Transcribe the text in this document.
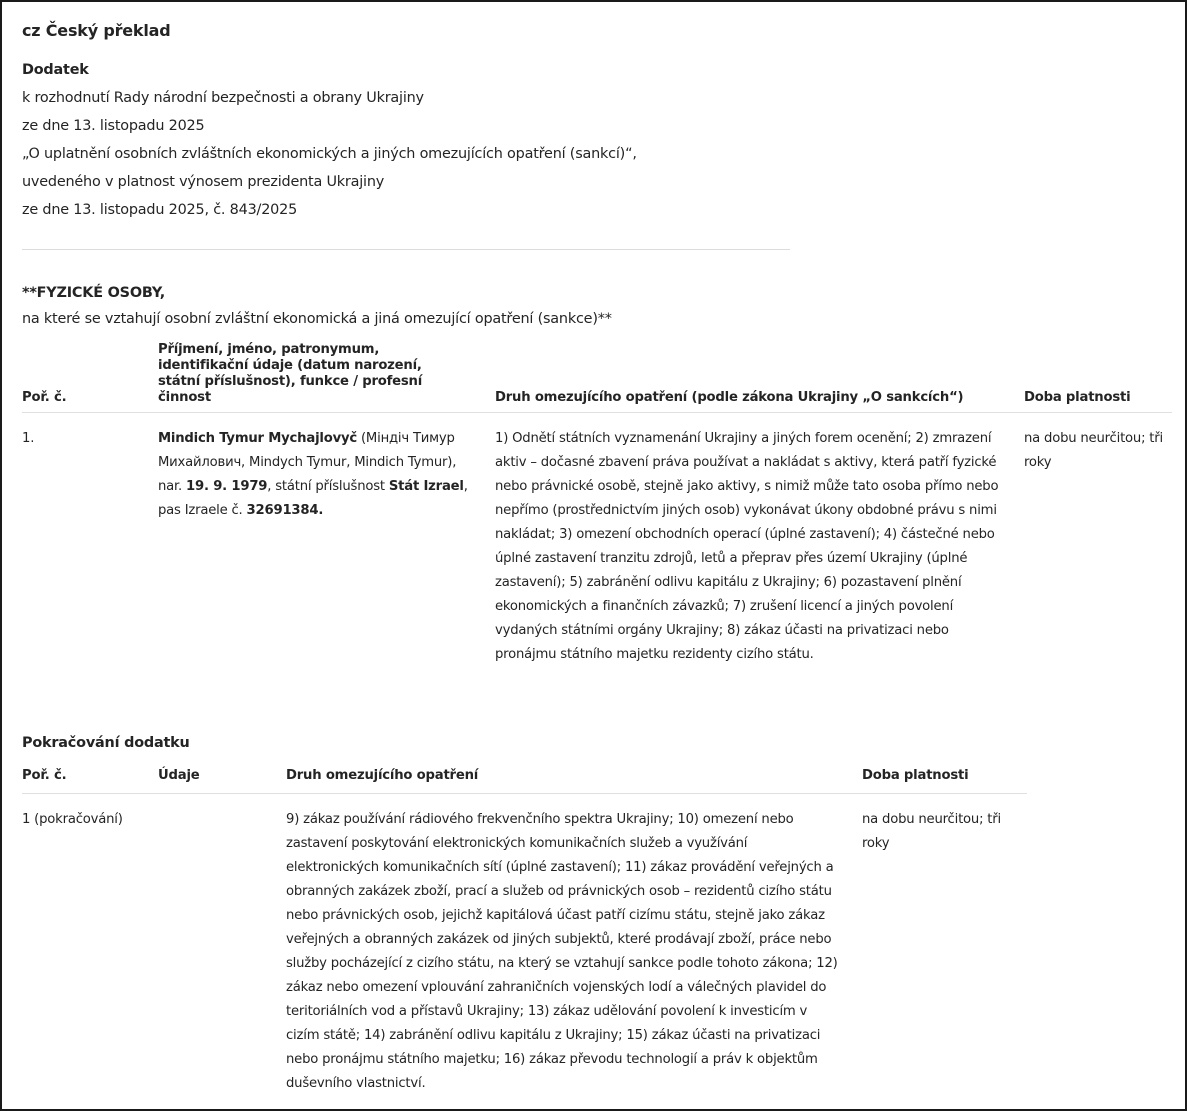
cz Český překlad
Dodatek
k rozhodnutí Rady národní bezpečnosti a obrany Ukrajiny
ze dne 13. listopadu 2025
„O uplatnění osobních zvláštních ekonomických a jiných omezujících opatření (sankcí)“,
uvedeného v platnost výnosem prezidenta Ukrajiny
ze dne 13. listopadu 2025, č. 843/2025
**FYZICKÉ OSOBY,
na které se vztahují osobní zvláštní ekonomická a jiná omezující opatření (sankce)**
Poř. č.	Příjmení, jméno, patronymum, identifikační údaje (datum narození, státní příslušnost), funkce / profesní činnost	Druh omezujícího opatření (podle zákona Ukrajiny „O sankcích“)	Doba platnosti
1.	Mindich Tymur Mychajlovyč (Міндіч Тимур Михайлович, Mindych Tymur, Mindich Tymur), nar. 19. 9. 1979, státní příslušnost Stát Izrael, pas Izraele č. 32691384.	1) Odnětí státních vyznamenání Ukrajiny a jiných forem ocenění; 2) zmrazení aktiv – dočasné zbavení práva používat a nakládat s aktivy, která patří fyzické nebo právnické osobě, stejně jako aktivy, s nimiž může tato osoba přímo nebo nepřímo (prostřednictvím jiných osob) vykonávat úkony obdobné právu s nimi nakládat; 3) omezení obchodních operací (úplné zastavení); 4) částečné nebo úplné zastavení tranzitu zdrojů, letů a přeprav přes území Ukrajiny (úplné zastavení); 5) zabránění odlivu kapitálu z Ukrajiny; 6) pozastavení plnění ekonomických a finančních závazků; 7) zrušení licencí a jiných povolení vydaných státními orgány Ukrajiny; 8) zákaz účasti na privatizaci nebo pronájmu státního majetku rezidenty cizího státu.	na dobu neurčitou; tři roky
Pokračování dodatku
Poř. č.	Údaje	Druh omezujícího opatření	Doba platnosti
1 (pokračování)		9) zákaz používání rádiového frekvenčního spektra Ukrajiny; 10) omezení nebo zastavení poskytování elektronických komunikačních služeb a využívání elektronických komunikačních sítí (úplné zastavení); 11) zákaz provádění veřejných a obranných zakázek zboží, prací a služeb od právnických osob – rezidentů cizího státu nebo právnických osob, jejichž kapitálová účast patří cizímu státu, stejně jako zákaz veřejných a obranných zakázek od jiných subjektů, které prodávají zboží, práce nebo služby pocházející z cizího státu, na který se vztahují sankce podle tohoto zákona; 12) zákaz nebo omezení vplouvání zahraničních vojenských lodí a válečných plavidel do teritoriálních vod a přístavů Ukrajiny; 13) zákaz udělování povolení k investicím v cizím státě; 14) zabránění odlivu kapitálu z Ukrajiny; 15) zákaz účasti na privatizaci nebo pronájmu státního majetku; 16) zákaz převodu technologií a práv k objektům duševního vlastnictví.	na dobu neurčitou; tři roky
